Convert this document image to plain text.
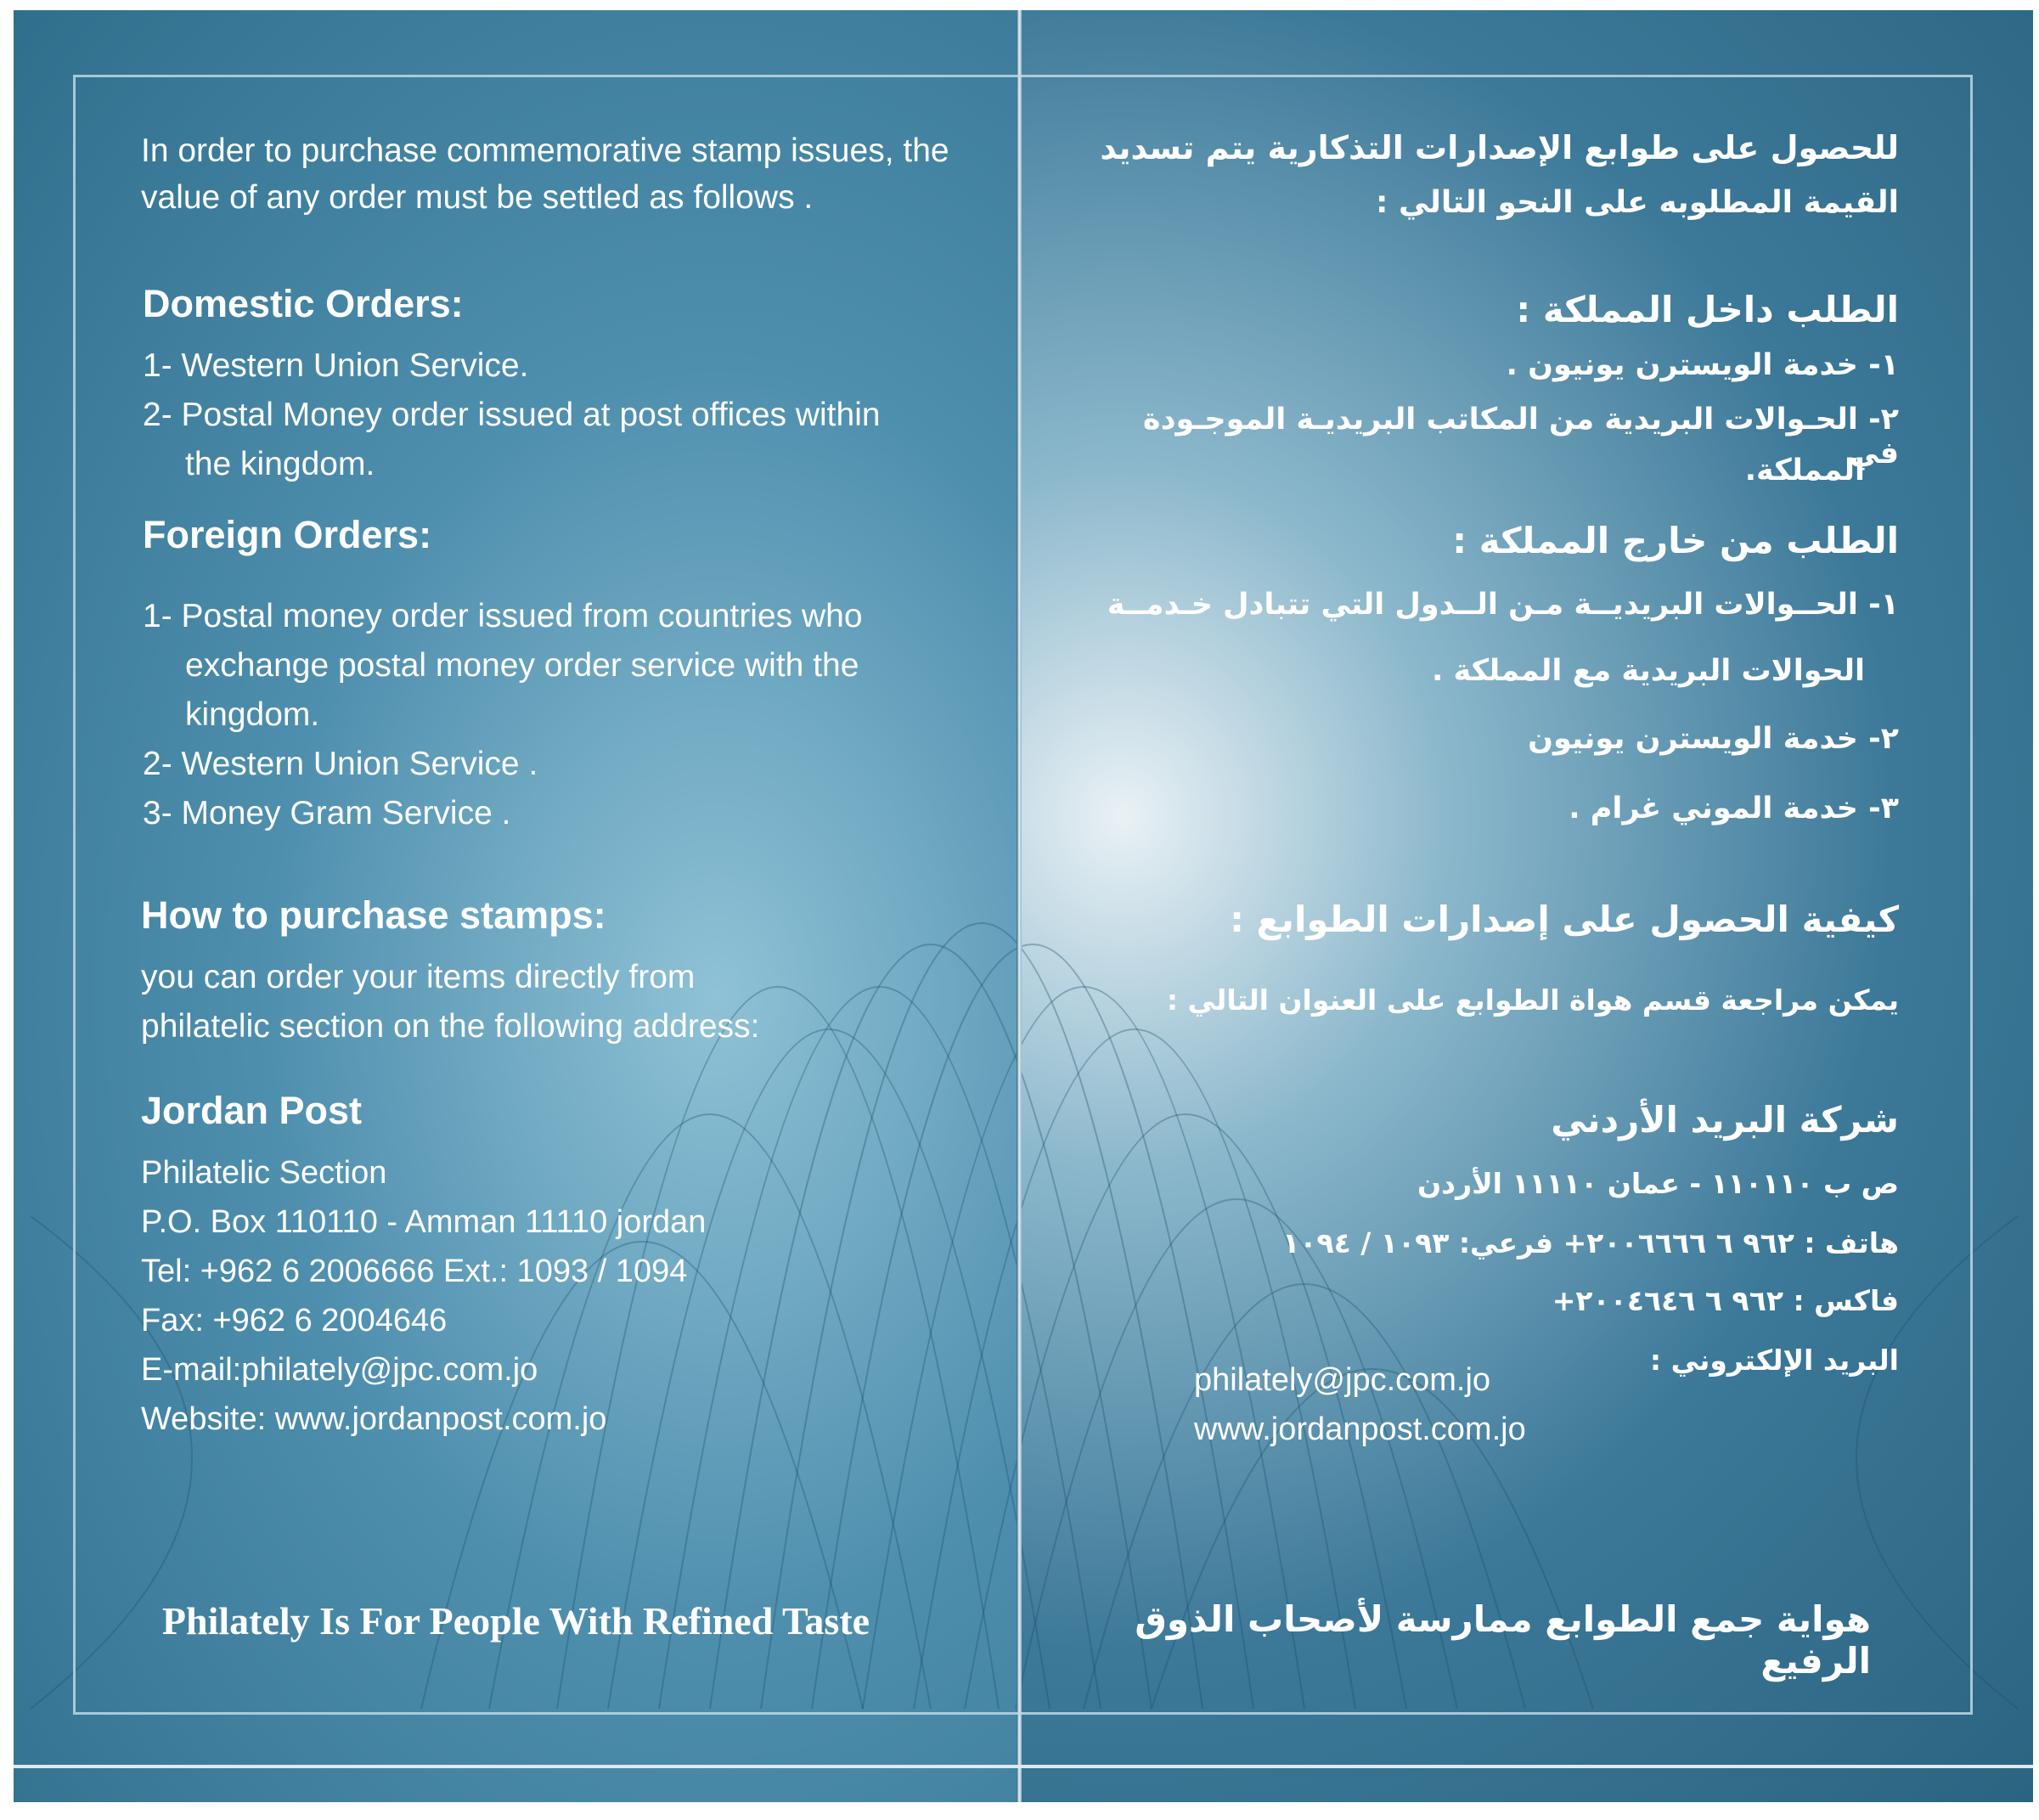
In order to purchase commemorative stamp issues, the value of any order must be settled as follows .
Domestic Orders:
1- Western Union Service.
2- Postal Money order issued at post offices within
the kingdom.
Foreign Orders:
1- Postal money order issued from countries who
exchange postal money order service with the
kingdom.
2- Western Union Service .
3- Money Gram Service .
How to purchase stamps:
you can order your items directly from
philatelic section on the following address:
Jordan Post
Philatelic Section
P.O. Box 110110 - Amman 11110 jordan
Tel: +962 6 2006666 Ext.: 1093 / 1094
Fax: +962 6 2004646
E-mail:philately@jpc.com.jo
Website: www.jordanpost.com.jo
Philately Is For People With Refined Taste
للحصول على طوابع الإصدارات التذكارية يتم تسديد
القيمة المطلوبه على النحو التالي :
الطلب داخل المملكة :
١- خدمة الويسترن يونيون .
٢- الحـوالات البريدية من المكاتب البريديـة الموجـودة في
المملكة.
الطلب من خارج المملكة :
١- الحــوالات البريديــة مـن الــدول التي تتبادل خـدمــة
الحوالات البريدية مع المملكة .
٢- خدمة الويسترن يونيون
٣- خدمة الموني غرام .
كيفية الحصول على إصدارات الطوابع :
يمكن مراجعة قسم هواة الطوابع على العنوان التالي :
شركة البريد الأردني
ص ب ١١٠١١٠ - عمان ١١١١٠ الأردن
هاتف : ٩٦٢ ٦ ٢٠٠٦٦٦٦+ فرعي: ١٠٩٣ / ١٠٩٤
فاكس : ٩٦٢ ٦ ٢٠٠٤٦٤٦+
البريد الإلكتروني :
philately@jpc.com.jo
www.jordanpost.com.jo
هواية جمع الطوابع ممارسة لأصحاب الذوق الرفيع
